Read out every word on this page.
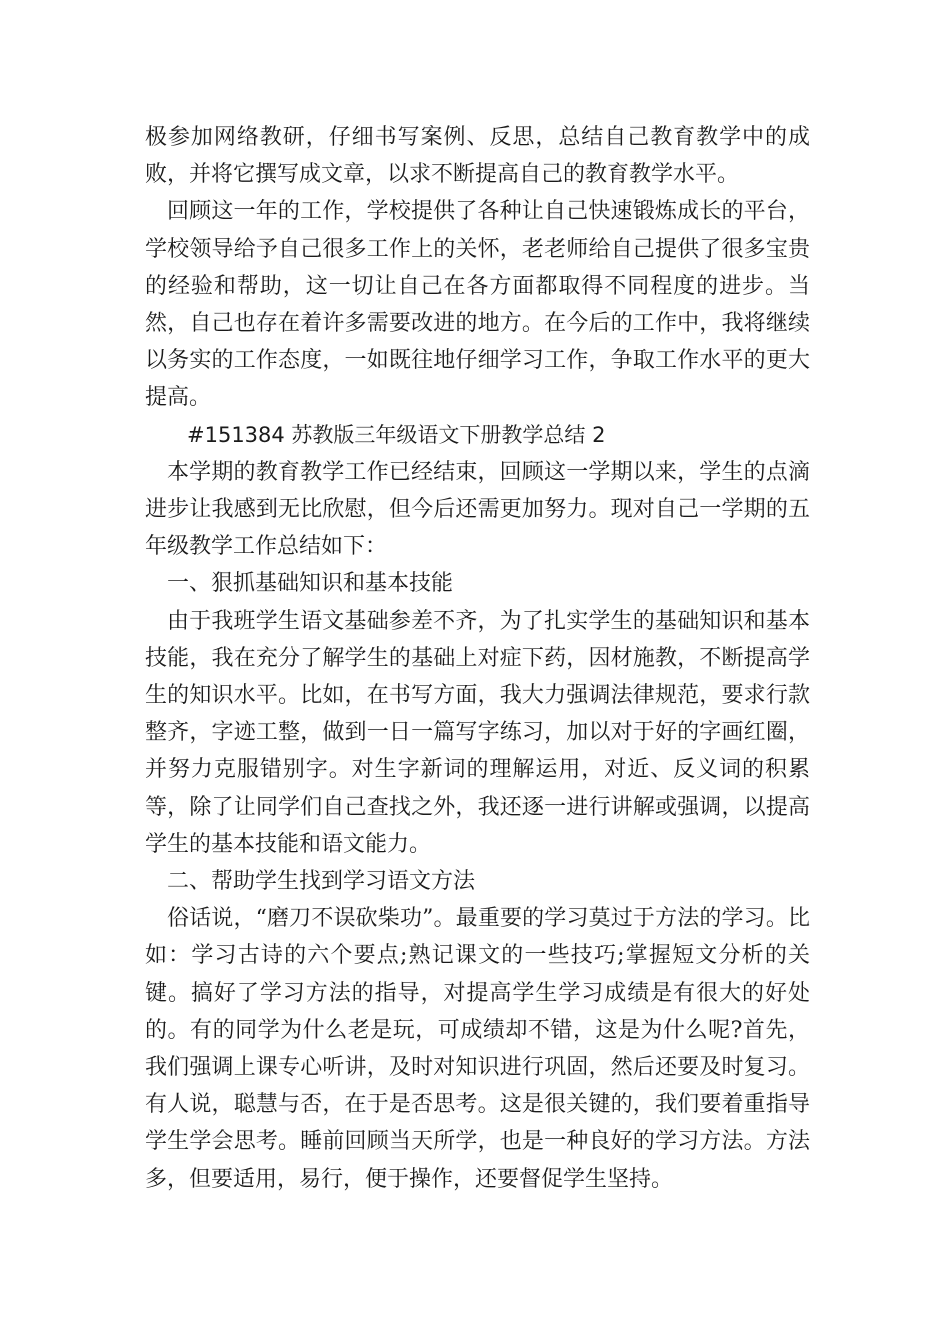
极参加网络教研，仔细书写案例、反思，总结自己教育教学中的成败，并将它撰写成文章，以求不断提高自己的教育教学水平。

回顾这一年的工作，学校提供了各种让自己快速锻炼成长的平台，学校领导给予自己很多工作上的关怀，老老师给自己提供了很多宝贵的经验和帮助，这一切让自己在各方面都取得不同程度的进步。当然，自己也存在着许多需要改进的地方。在今后的工作中，我将继续以务实的工作态度，一如既往地仔细学习工作，争取工作水平的更大提高。

#151384 苏教版三年级语文下册教学总结 2

本学期的教育教学工作已经结束，回顾这一学期以来，学生的点滴进步让我感到无比欣慰，但今后还需更加努力。现对自己一学期的五年级教学工作总结如下：

一、狠抓基础知识和基本技能

由于我班学生语文基础参差不齐，为了扎实学生的基础知识和基本技能，我在充分了解学生的基础上对症下药，因材施教，不断提高学生的知识水平。比如，在书写方面，我大力强调法律规范，要求行款整齐，字迹工整，做到一日一篇写字练习，加以对于好的字画红圈，并努力克服错别字。对生字新词的理解运用，对近、反义词的积累等，除了让同学们自己查找之外，我还逐一进行讲解或强调，以提高学生的基本技能和语文能力。

二、帮助学生找到学习语文方法

俗话说，“磨刀不误砍柴功”。最重要的学习莫过于方法的学习。比如：学习古诗的六个要点;熟记课文的一些技巧;掌握短文分析的关键。搞好了学习方法的指导，对提高学生学习成绩是有很大的好处的。有的同学为什么老是玩，可成绩却不错，这是为什么呢?首先，我们强调上课专心听讲，及时对知识进行巩固，然后还要及时复习。有人说，聪慧与否，在于是否思考。这是很关键的，我们要着重指导学生学会思考。睡前回顾当天所学，也是一种良好的学习方法。方法多，但要适用，易行，便于操作，还要督促学生坚持。
